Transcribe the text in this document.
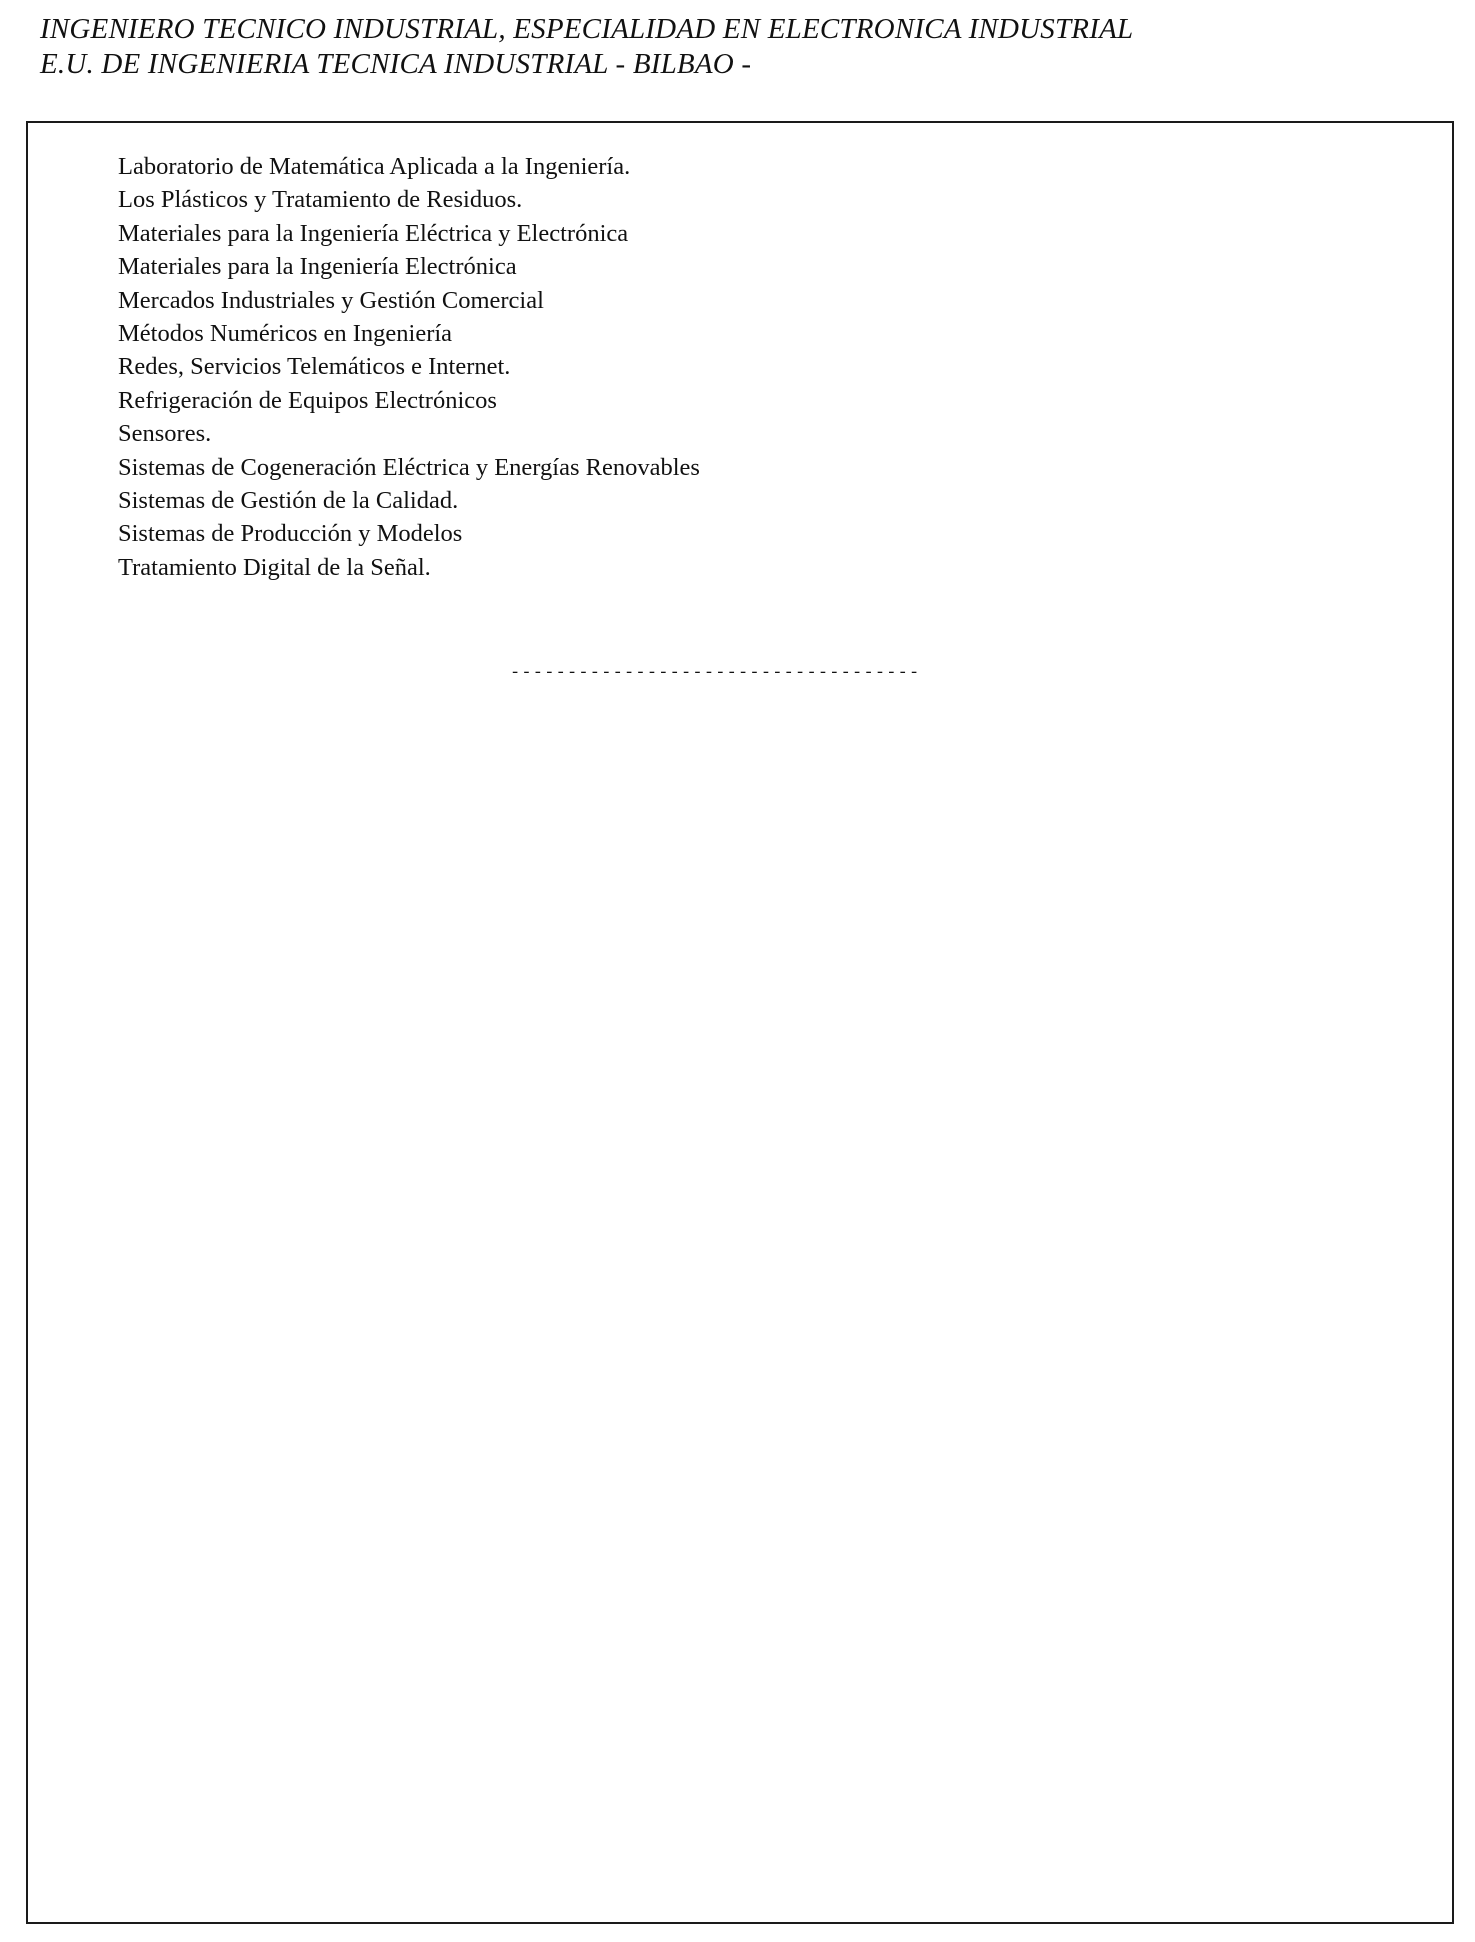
INGENIERO TECNICO INDUSTRIAL, ESPECIALIDAD EN ELECTRONICA INDUSTRIAL
E.U. DE INGENIERIA TECNICA INDUSTRIAL - BILBAO -
Laboratorio de Matemática Aplicada a la Ingeniería.
Los Plásticos y Tratamiento de Residuos.
Materiales para la Ingeniería Eléctrica y Electrónica
Materiales para la Ingeniería Electrónica
Mercados Industriales y Gestión Comercial
Métodos Numéricos en Ingeniería
Redes, Servicios Telemáticos e Internet.
Refrigeración de Equipos Electrónicos
Sensores.
Sistemas de Cogeneración Eléctrica y Energías Renovables
Sistemas de Gestión de la Calidad.
Sistemas de Producción y Modelos
Tratamiento Digital de la Señal.
------------------------------------
